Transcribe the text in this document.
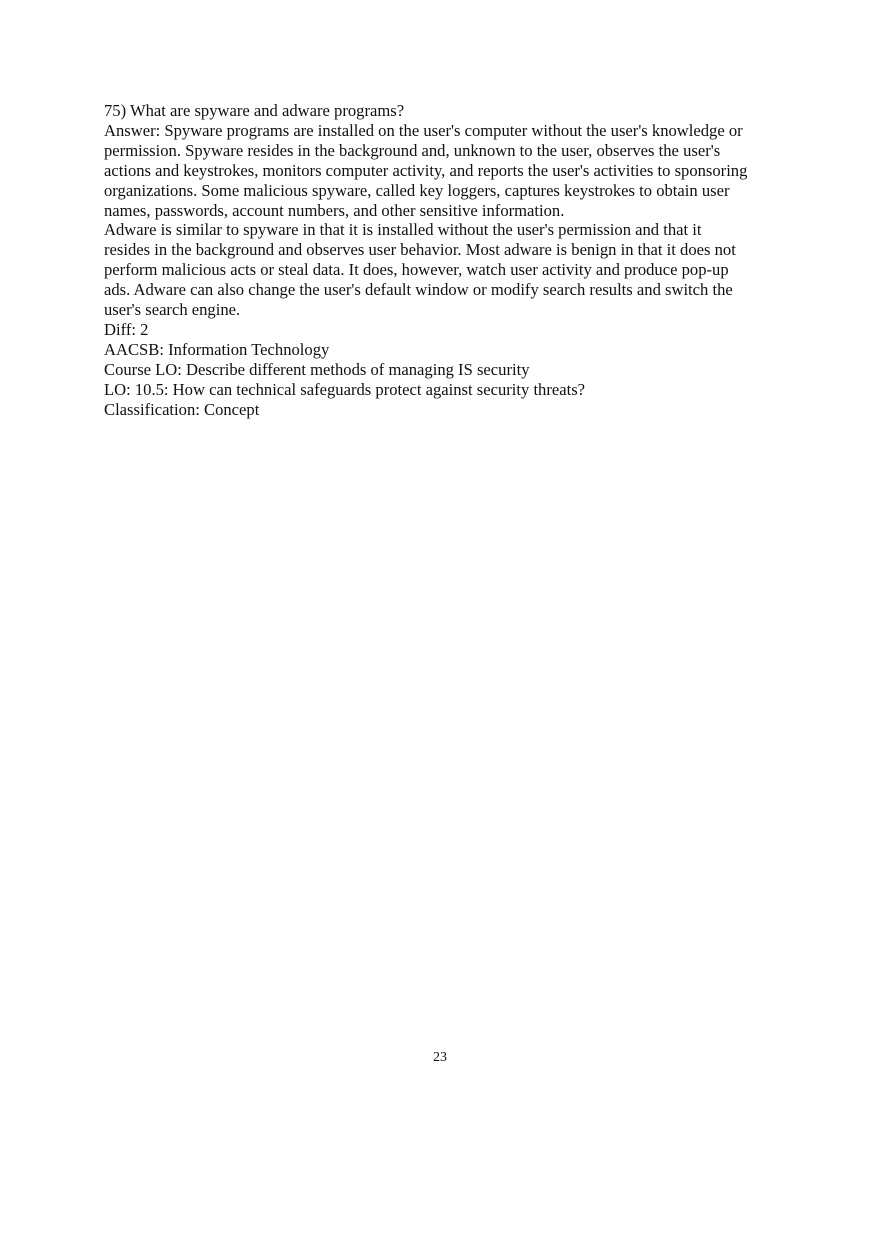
75) What are spyware and adware programs?
Answer: Spyware programs are installed on the user's computer without the user's knowledge or
permission. Spyware resides in the background and, unknown to the user, observes the user's
actions and keystrokes, monitors computer activity, and reports the user's activities to sponsoring
organizations. Some malicious spyware, called key loggers, captures keystrokes to obtain user
names, passwords, account numbers, and other sensitive information.
Adware is similar to spyware in that it is installed without the user's permission and that it
resides in the background and observes user behavior. Most adware is benign in that it does not
perform malicious acts or steal data. It does, however, watch user activity and produce pop-up
ads. Adware can also change the user's default window or modify search results and switch the
user's search engine.
Diff: 2
AACSB: Information Technology
Course LO: Describe different methods of managing IS security
LO: 10.5: How can technical safeguards protect against security threats?
Classification: Concept
23
